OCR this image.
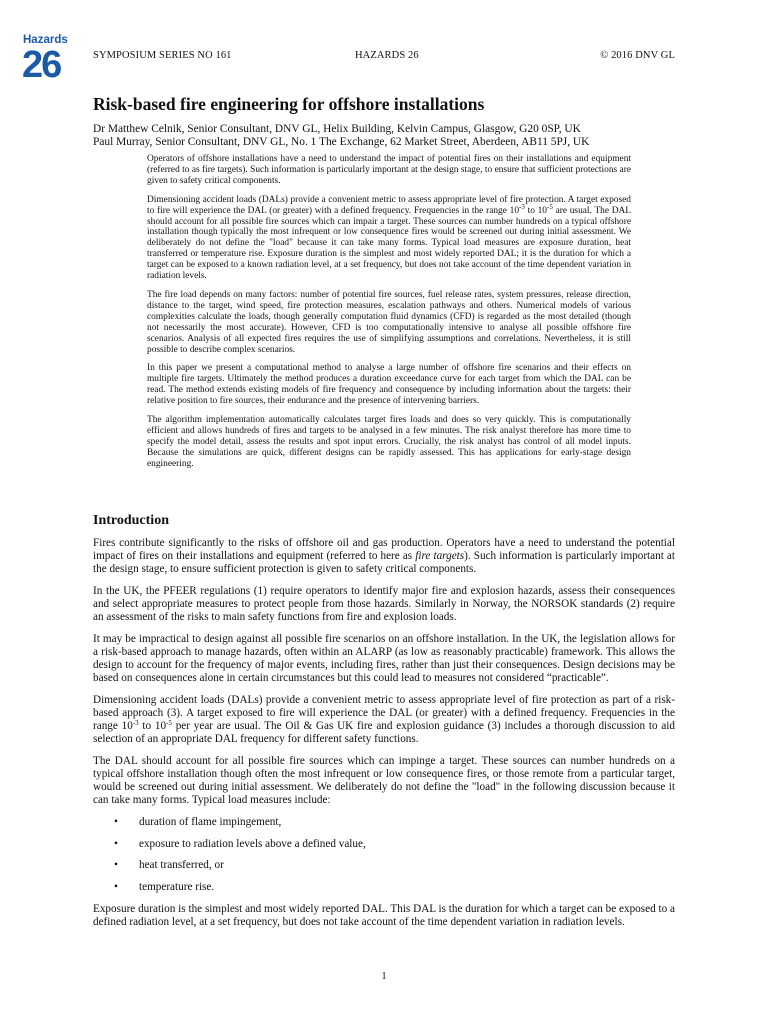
Hazards
26	SYMPOSIUM SERIES NO 161	HAZARDS 26	© 2016 DNV GL
Risk-based fire engineering for offshore installations
Dr Matthew Celnik, Senior Consultant, DNV GL, Helix Building, Kelvin Campus, Glasgow, G20 0SP, UK
Paul Murray, Senior Consultant, DNV GL, No. 1 The Exchange, 62 Market Street, Aberdeen, AB11 5PJ, UK

Operators of offshore installations have a need to understand the impact of potential fires on their installations and equipment (referred to as fire targets). Such information is particularly important at the design stage, to ensure that sufficient protections are given to safety critical components.

Dimensioning accident loads (DALs) provide a convenient metric to assess appropriate level of fire protection. A target exposed to fire will experience the DAL (or greater) with a defined frequency. Frequencies in the range $10^{-3}$ to $10^{-5}$ are usual. The DAL should account for all possible fire sources which can impair a target. These sources can number hundreds on a typical offshore installation though typically the most infrequent or low consequence fires would be screened out during initial assessment. We deliberately do not define the "load" because it can take many forms. Typical load measures are exposure duration, heat transferred or temperature rise. Exposure duration is the simplest and most widely reported DAL; it is the duration for which a target can be exposed to a known radiation level, at a set frequency, but does not take account of the time dependent variation in radiation levels.

The fire load depends on many factors: number of potential fire sources, fuel release rates, system pressures, release direction, distance to the target, wind speed, fire protection measures, escalation pathways and others. Numerical models of various complexities calculate the loads, though generally computation fluid dynamics (CFD) is regarded as the most detailed (though not necessarily the most accurate). However, CFD is too computationally intensive to analyse all possible offshore fire scenarios. Analysis of all expected fires requires the use of simplifying assumptions and correlations. Nevertheless, it is still possible to describe complex scenarios.

In this paper we present a computational method to analyse a large number of offshore fire scenarios and their effects on multiple fire targets. Ultimately the method produces a duration exceedance curve for each target from which the DAL can be read. The method extends existing models of fire frequency and consequence by including information about the targets: their relative position to fire sources, their endurance and the presence of intervening barriers.

The algorithm implementation automatically calculates target fires loads and does so very quickly. This is computationally efficient and allows hundreds of fires and targets to be analysed in a few minutes. The risk analyst therefore has more time to specify the model detail, assess the results and spot input errors. Crucially, the risk analyst has control of all model inputs. Because the simulations are quick, different designs can be rapidly assessed. This has applications for early-stage design engineering.

Introduction

Fires contribute significantly to the risks of offshore oil and gas production. Operators have a need to understand the potential impact of fires on their installations and equipment (referred to here as fire targets). Such information is particularly important at the design stage, to ensure sufficient protection is given to safety critical components.

In the UK, the PFEER regulations (1) require operators to identify major fire and explosion hazards, assess their consequences and select appropriate measures to protect people from those hazards. Similarly in Norway, the NORSOK standards (2) require an assessment of the risks to main safety functions from fire and explosion loads.

It may be impractical to design against all possible fire scenarios on an offshore installation. In the UK, the legislation allows for a risk-based approach to manage hazards, often within an ALARP (as low as reasonably practicable) framework. This allows the design to account for the frequency of major events, including fires, rather than just their consequences. Design decisions may be based on consequences alone in certain circumstances but this could lead to measures not considered “practicable”.

Dimensioning accident loads (DALs) provide a convenient metric to assess appropriate level of fire protection as part of a risk-based approach (3). A target exposed to fire will experience the DAL (or greater) with a defined frequency. Frequencies in the range $10^{-3}$ to $10^{-5}$ per year are usual. The Oil & Gas UK fire and explosion guidance (3) includes a thorough discussion to aid selection of an appropriate DAL frequency for different safety functions.

The DAL should account for all possible fire sources which can impinge a target. These sources can number hundreds on a typical offshore installation though often the most infrequent or low consequence fires, or those remote from a particular target, would be screened out during initial assessment. We deliberately do not define the "load" in the following discussion because it can take many forms. Typical load measures include:

• duration of flame impingement,
• exposure to radiation levels above a defined value,
• heat transferred, or
• temperature rise.

Exposure duration is the simplest and most widely reported DAL. This DAL is the duration for which a target can be exposed to a defined radiation level, at a set frequency, but does not take account of the time dependent variation in radiation levels.

1
